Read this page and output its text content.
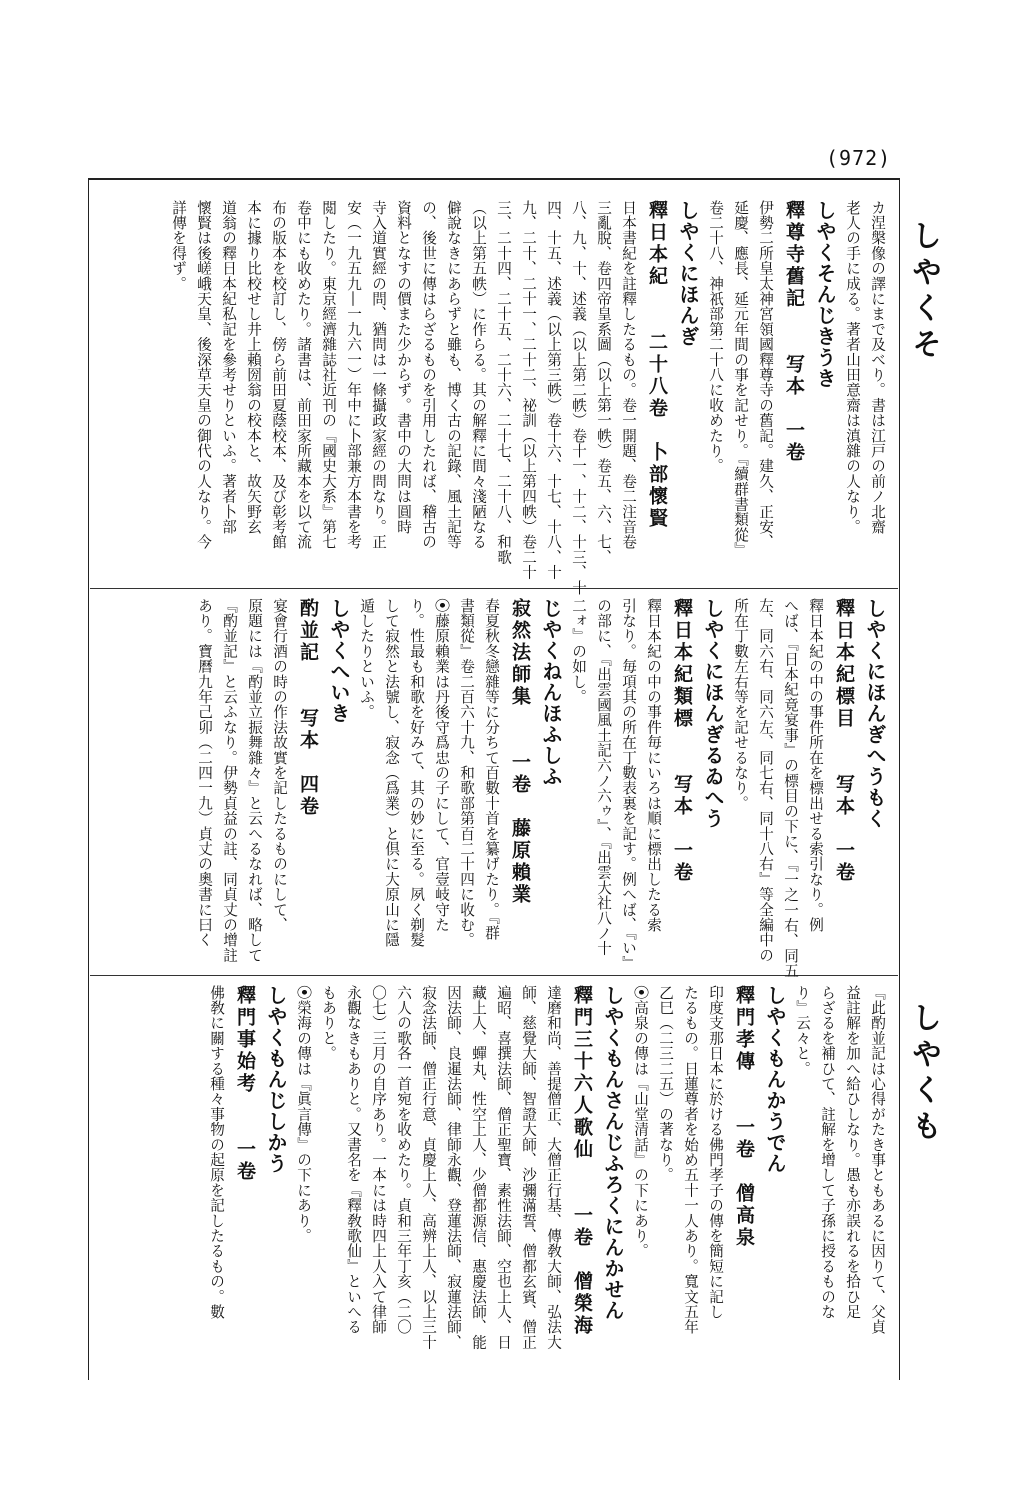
(972)
しやくそ
しやくも
カ涅槃像の譯にまで及べり。書は江戸の前ノ北齋
老人の手に成る。著者山田意齋は滇雜の人なり。
しやくそんじきうき
釋尊寺舊記　　写本　一卷
伊勢二所皇太神宮領國釋尊寺の舊記。建久、正安、
延慶、應長、延元年間の事を記せり。『續群書類從』
卷二十八、神祇部第二十八に收めたり。
しやくにほんぎ
釋日本紀　　二十八卷　卜部懷賢
日本書紀を註釋したるもの。卷一開題、卷二注音卷
三亂脫、卷四帝皇系圖（以上第一帙）卷五、六、七、
八、九、十、述義（以上第二帙）卷十一、十二、十三、十
四、十五、述義（以上第三帙）卷十六、十七、十八、十
九、二十、二十一、二十二、祕訓（以上第四帙）卷二十
三、二十四、二十五、二十六、二十七、二十八、和歌
（以上第五帙）に作らる。其の解釋に間々淺陋なる
僻說なきにあらずと雖も、博く古の記錄、風土記等
の、後世に傳はらざるものを引用したれば、稽古の
資料となすの價また少からず。書中の大問は圓時
寺入道實經の問、猶問は一條攝政家經の問なり。正
安（一九五九―一九六一）年中に卜部兼方本書を考
閲したり。東京經濟雜誌社近刊の『國史大系』第七
卷中にも收めたり。諸書は、前田家所藏本を以て流
布の版本を校訂し、傍ら前田夏蔭校本、及び彰考館
本に據り比校せし井上賴圀翁の校本と、故矢野玄
道翁の釋日本紀私記を參考せりといふ。著者卜部
懷賢は後嵯峨天皇、後深草天皇の御代の人なり。今
詳傳を得ず。
しやくにほんぎへうもく
釋日本紀標目　　写本　一卷
釋日本紀の中の事件所在を標出せる索引なり。例
へば、『日本紀竟宴事』の標目の下に、『一之一右、同五
左、同六右、同六左、同七右、同十八右』等全編中の
所在丁數左右等を記せるなり。
しやくにほんぎるゐへう
釋日本紀類標　　写本　一卷
釋日本紀の中の事件毎にいろは順に標出したる索
引なり。毎項其の所在丁數表裏を記す。例へば、『い』
の部に、『出雲國風土記六ノ六ゥ』、『出雲大社八ノ十
二ォ』の如し。
じやくねんほふしふ
寂然法師集　　一卷　藤原賴業
春夏秋冬戀雜等に分ちて百數十首を纂げたり。『群
書類從』卷二百六十九、和歌部第百二十四に收む。
⦿藤原賴業は丹後守爲忠の子にして、官壹岐守た
り。性最も和歌を好みて、其の妙に至る。夙く剃髮
して寂然と法號し、寂念（爲業）と倶に大原山に隱
遁したりといふ。
しやくへいき
酌並記　　写本　四卷
宴會行酒の時の作法故實を記したるものにして、
原題には『酌並立振舞雜々』と云へるなれば、略して
『酌並記』と云ふなり。伊勢貞益の註、同貞丈の增註
あり。寶曆九年己卯（二四一九）貞丈の奧書に曰く
『此酌並記は心得がたき事ともあるに因りて、父貞
益註解を加へ給ひしなり。愚も亦誤れるを拾ひ足
らざるを補ひて、註解を增して子孫に授るものな
り』云々と。
しやくもんかうでん
釋門孝傳　　一卷　僧高泉
印度支那日本に於ける佛門孝子の傳を簡短に記し
たるもの。日蓮尊者を始め五十一人あり。寬文五年
乙巳（二三二五）の著なり。
⦿高泉の傳は『山堂清話』の下にあり。
しやくもんさんじふろくにんかせん
釋門三十六人歌仙　　一卷　僧榮海
達磨和尚、善提僧正、大僧正行基、傳敎大師、弘法大
師、慈覺大師、智證大師、沙彌滿誓、僧都玄賓、僧正
遍昭、喜撰法師、僧正聖寶、素性法師、空也上人、日
藏上人、蟬丸、性空上人、少僧都源信、惠慶法師、能
因法師、良暹法師、律師永觀、登蓮法師、寂蓮法師、
寂念法師、僧正行意、貞慶上人、高辨上人、以上三十
六人の歌各一首宛を收めたり。貞和三年丁亥（二〇
〇七）三月の自序あり。一本には時四上人入て律師
永觀なきもありと。又書名を『釋敎歌仙』といへる
もありと。
⦿榮海の傳は『眞言傳』の下にあり。
しやくもんじしかう
釋門事始考　　一卷
佛敎に關する種々事物の起原を記したるもの。數
